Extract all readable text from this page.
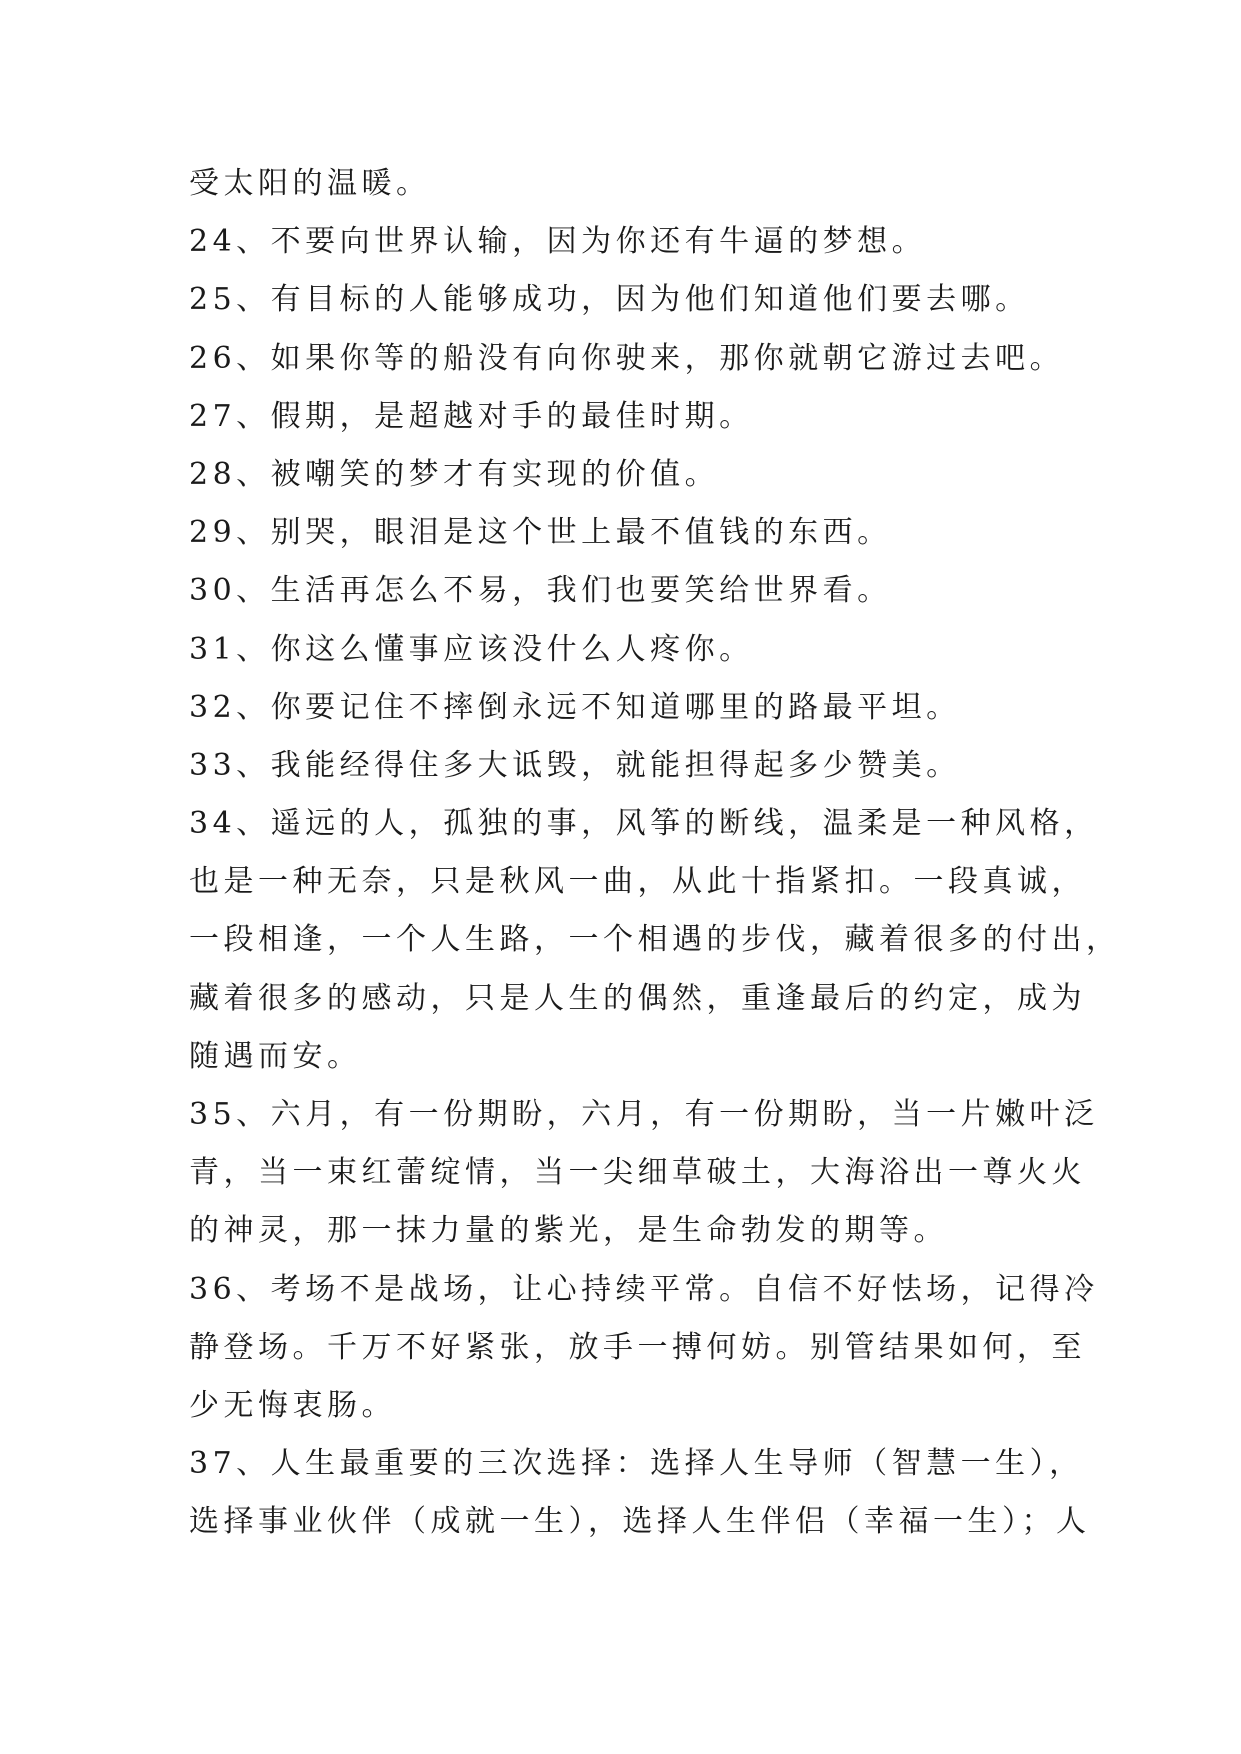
受太阳的温暖。
24、不要向世界认输，因为你还有牛逼的梦想。
25、有目标的人能够成功，因为他们知道他们要去哪。
26、如果你等的船没有向你驶来，那你就朝它游过去吧。
27、假期，是超越对手的最佳时期。
28、被嘲笑的梦才有实现的价值。
29、别哭，眼泪是这个世上最不值钱的东西。
30、生活再怎么不易，我们也要笑给世界看。
31、你这么懂事应该没什么人疼你。
32、你要记住不摔倒永远不知道哪里的路最平坦。
33、我能经得住多大诋毁，就能担得起多少赞美。
34、遥远的人，孤独的事，风筝的断线，温柔是一种风格，
也是一种无奈，只是秋风一曲，从此十指紧扣。一段真诚，
一段相逢，一个人生路，一个相遇的步伐，藏着很多的付出，
藏着很多的感动，只是人生的偶然，重逢最后的约定，成为
随遇而安。
35、六月，有一份期盼，六月，有一份期盼，当一片嫩叶泛
青，当一束红蕾绽情，当一尖细草破土，大海浴出一尊火火
的神灵，那一抹力量的紫光，是生命勃发的期等。
36、考场不是战场，让心持续平常。自信不好怯场，记得冷
静登场。千万不好紧张，放手一搏何妨。别管结果如何，至
少无悔衷肠。
37、人生最重要的三次选择：选择人生导师（智慧一生），
选择事业伙伴（成就一生），选择人生伴侣（幸福一生）；人
